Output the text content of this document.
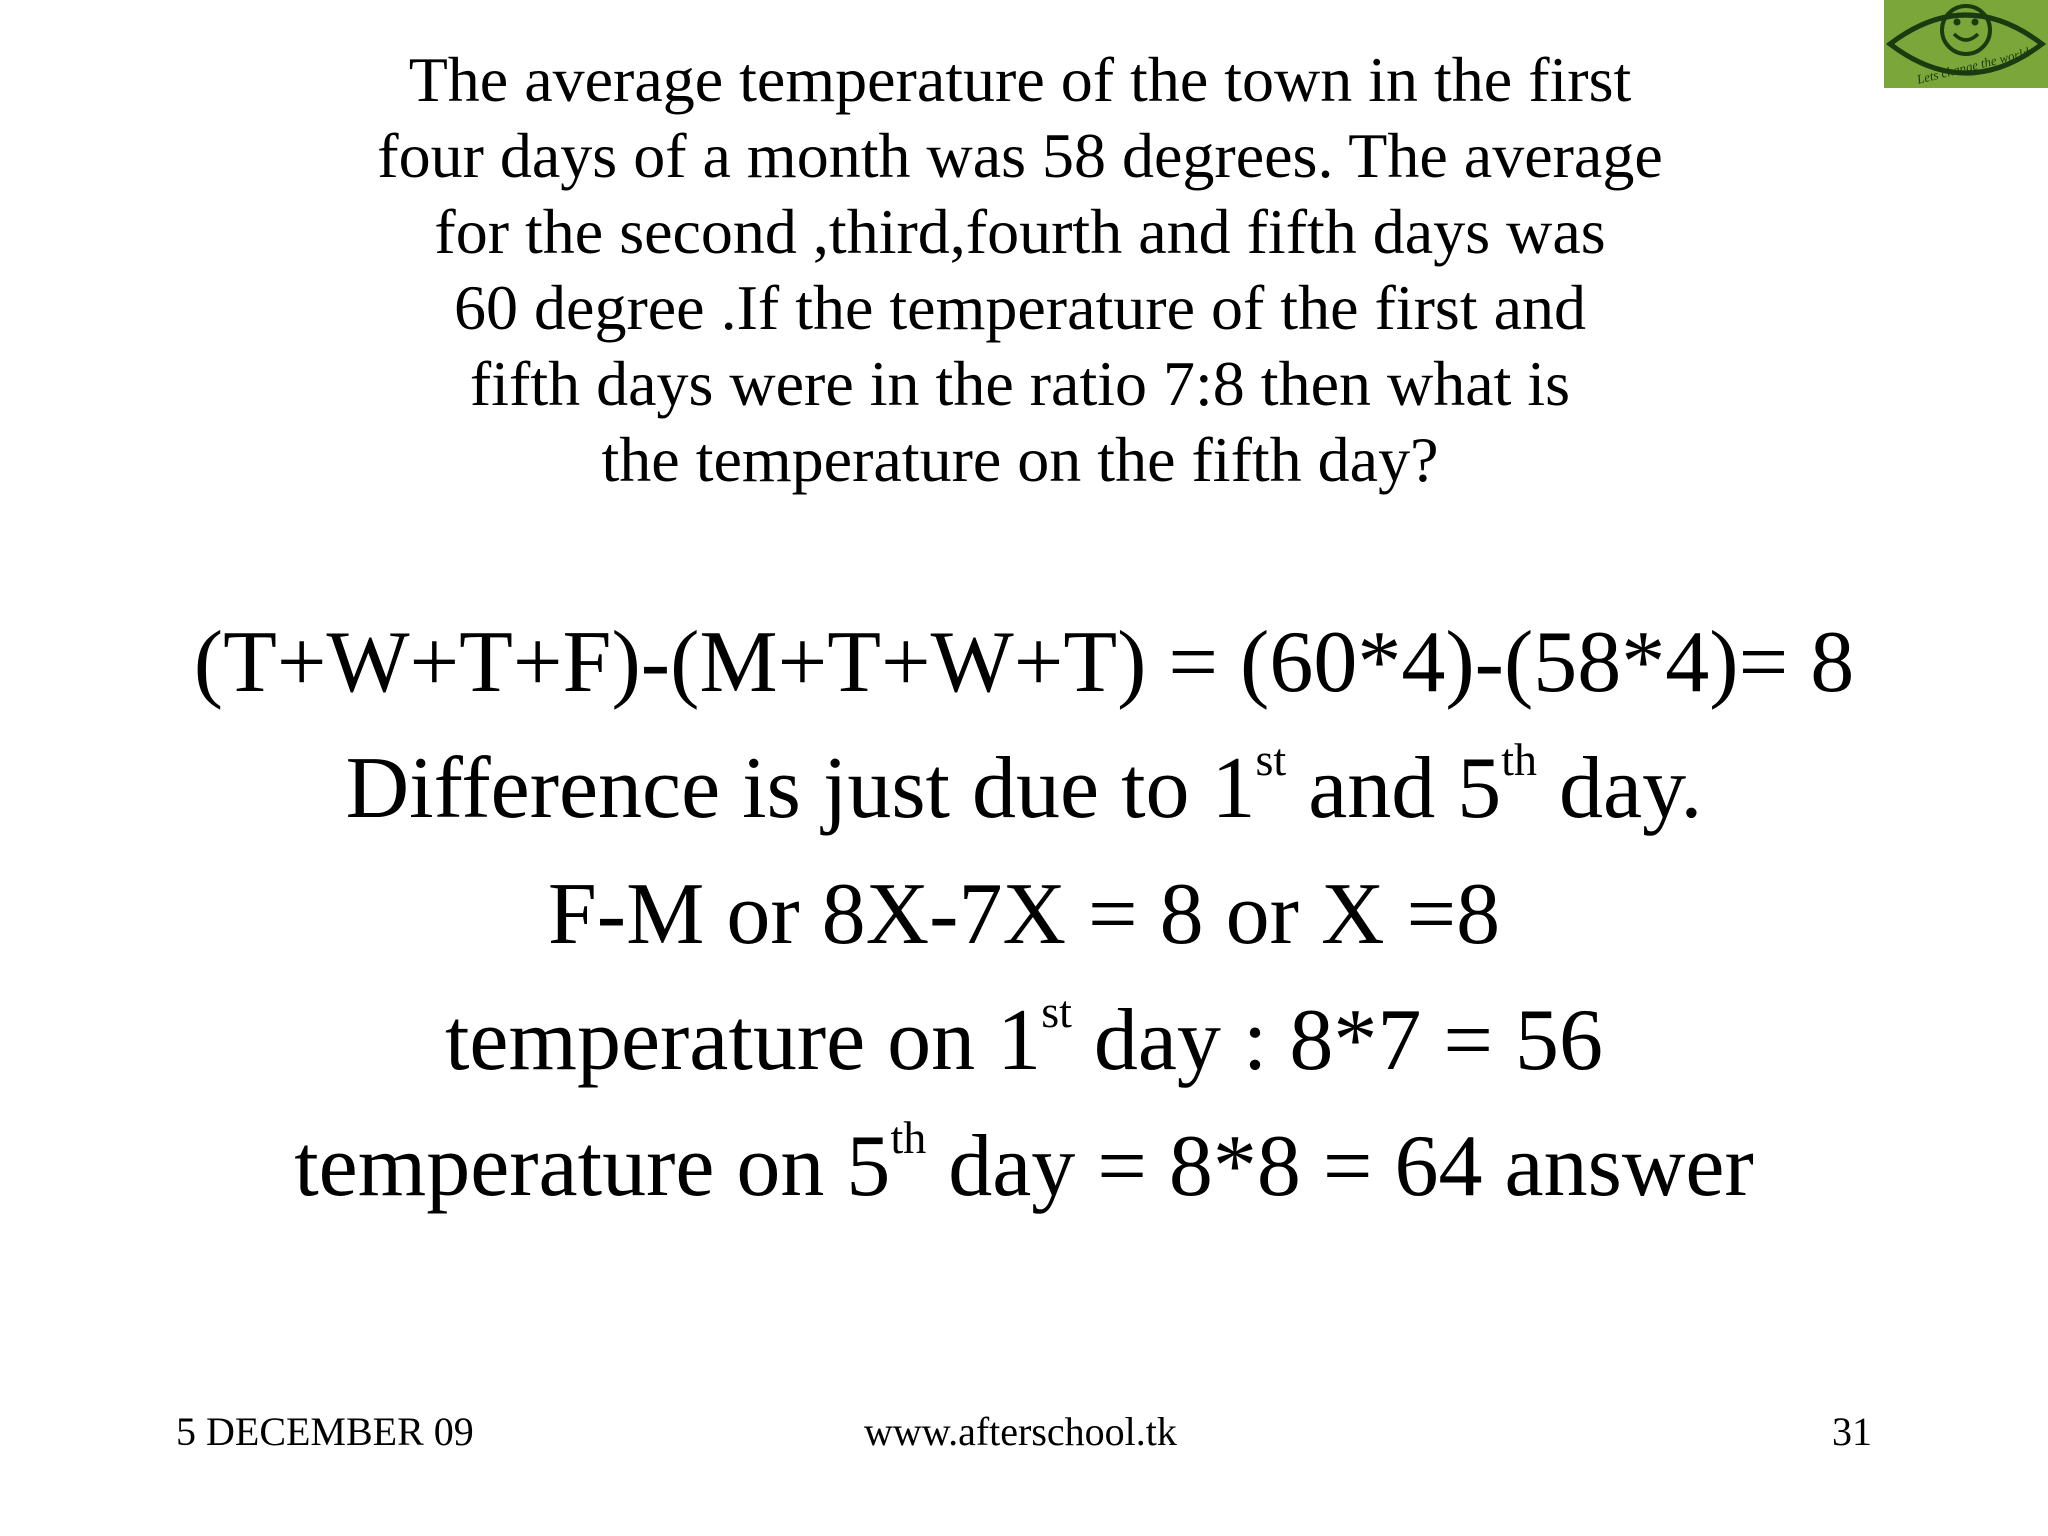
The average temperature of the town in the first
four days of a month was 58 degrees. The average
for the second ,third,fourth and fifth days was
60 degree .If the temperature of the first and
fifth days were in the ratio 7:8 then what is
the temperature on the fifth day?
(T+W+T+F)-(M+T+W+T) = (60*4)-(58*4)= 8
Difference is just due to 1st and 5th day.
F-M or 8X-7X = 8 or X =8
temperature on 1st day : 8*7 = 56
temperature on 5th day = 8*8 = 64 answer
5 DECEMBER 09	www.afterschool.tk	31
Lets change the world
